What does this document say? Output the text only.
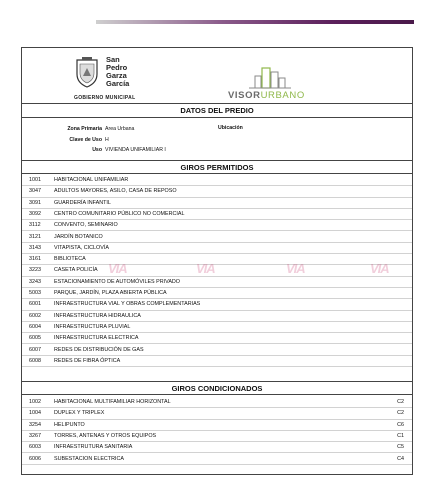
San
Pedro
Garza
García
GOBIERNO MUNICIPAL	VISORURBANO
DATOS DEL PREDIO
Zona Primaria Area Urbana
Clave de Uso H
Uso VIVIENDA UNIFAMILIAR I
Ubicación
GIROS PERMITIDOS
1001 HABITACIONAL UNIFAMILIAR
3047 ADULTOS MAYORES, ASILO, CASA DE REPOSO
3091 GUARDERÍA INFANTIL
3092 CENTRO COMUNITARIO PÚBLICO NO COMERCIAL
3112 CONVENTO, SEMINARIO
3121 JARDÍN BOTANICO
3143 VITAPISTA, CICLOVÍA
3161 BIBLIOTECA
3223 CASETA POLICÍA
3243 ESTACIONAMIENTO DE AUTOMÓVILES PRIVADO
5003 PARQUE, JARDÍN, PLAZA ABIERTA PÚBLICA
6001 INFRAESTRUCTURA VIAL Y OBRAS COMPLEMENTARIAS
6002 INFRAESTRUCTURA HIDRAULICA
6004 INFRAESTRUCTURA PLUVIAL
6005 INFRAESTRUCTURA ELECTRICA
6007 REDES DE DISTRIBUCIÓN DE GAS
6008 REDES DE FIBRA ÓPTICA
GIROS CONDICIONADOS
1002 HABITACIONAL MULTIFAMILIAR HORIZONTAL	C2
1004 DUPLEX Y TRIPLEX	C2
3254 HELIPUNTO	C6
3267 TORRES, ANTENAS Y OTROS EQUIPOS	C1
6003 INFRAESTRUTURA SANITARIA	C5
6006 SUBESTACION ELECTRICA	C4
VIA	VIA	VIA	VIA
